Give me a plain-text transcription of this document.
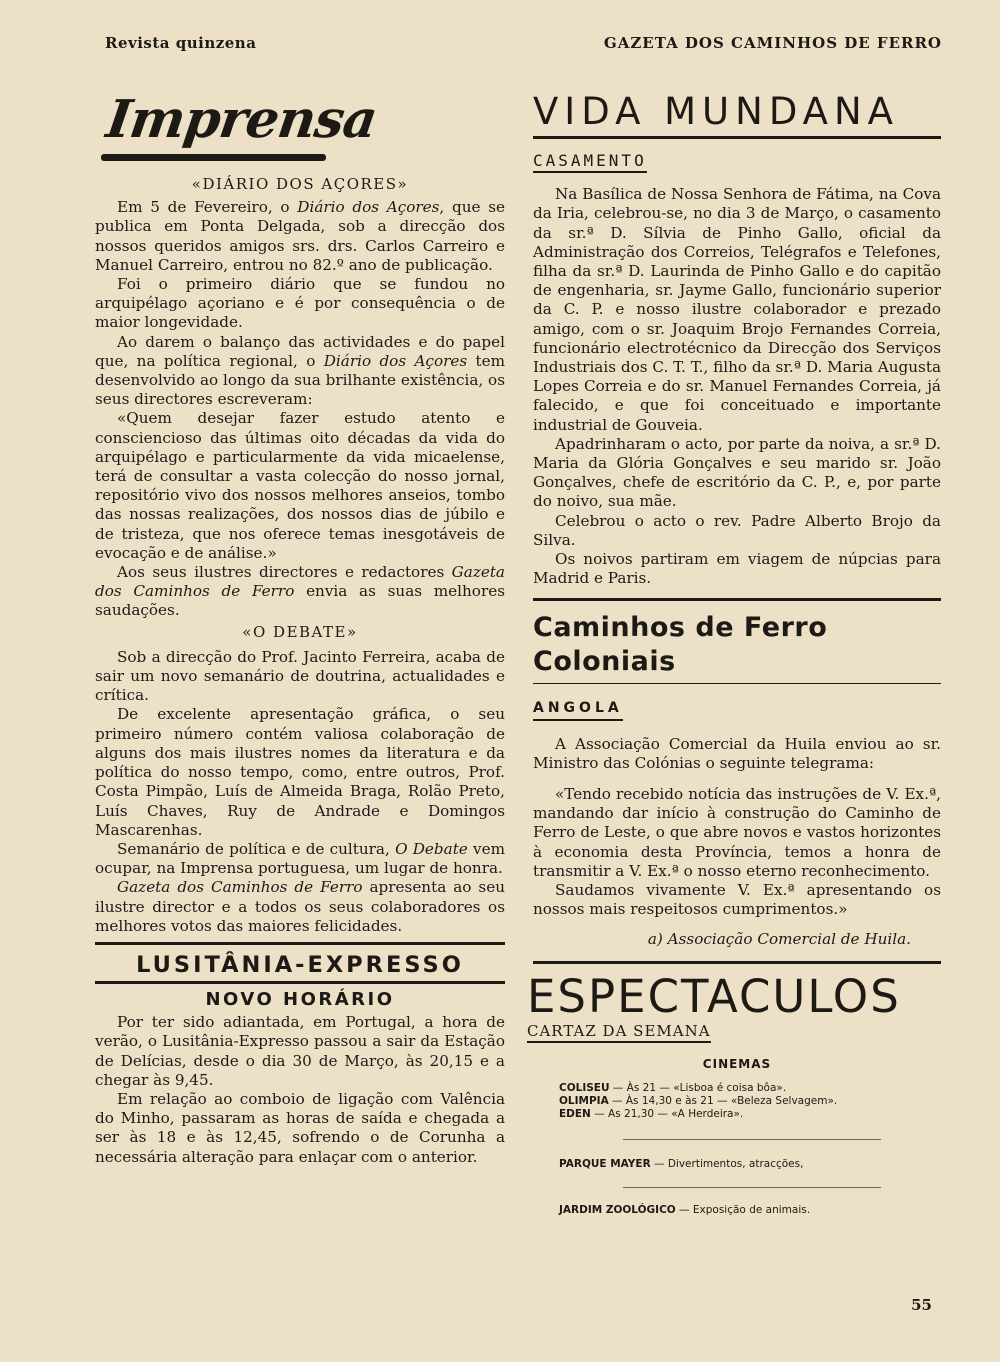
Revista quinzena	GAZETA DOS CAMINHOS DE FERRO
Imprensa
«DIÁRIO DOS AÇORES»

Em 5 de Fevereiro, o Diário dos Açores, que se publica em Ponta Delgada, sob a direcção dos nossos queridos amigos srs. drs. Carlos Carreiro e Manuel Carreiro, entrou no 82.º ano de publicação.

Foi o primeiro diário que se fundou no arquipélago açoriano e é por consequência o de maior longevidade.

Ao darem o balanço das actividades e do papel que, na política regional, o Diário dos Açores tem desenvolvido ao longo da sua brilhante existência, os seus directores escreveram:

«Quem desejar fazer estudo atento e consciencioso das últimas oito décadas da vida do arquipélago e particularmente da vida micaelense, terá de consultar a vasta colecção do nosso jornal, repositório vivo dos nossos melhores anseios, tombo das nossas realizações, dos nossos dias de júbilo e de tristeza, que nos oferece temas inesgotáveis de evocação e de análise.»

Aos seus ilustres directores e redactores Gazeta dos Caminhos de Ferro envia as suas melhores saudações.

«O DEBATE»

Sob a direcção do Prof. Jacinto Ferreira, acaba de sair um novo semanário de doutrina, actualidades e crítica.

De excelente apresentação gráfica, o seu primeiro número contém valiosa colaboração de alguns dos mais ilustres nomes da literatura e da política do nosso tempo, como, entre outros, Prof. Costa Pimpão, Luís de Almeida Braga, Rolão Preto, Luís Chaves, Ruy de Andrade e Domingos Mascarenhas.

Semanário de política e de cultura, O Debate vem ocupar, na Imprensa portuguesa, um lugar de honra.

Gazeta dos Caminhos de Ferro apresenta ao seu ilustre director e a todos os seus colaboradores os melhores votos das maiores felicidades.

LUSITÂNIA-EXPRESSO
NOVO HORÁRIO

Por ter sido adiantada, em Portugal, a hora de verão, o Lusitânia-Expresso passou a sair da Estação de Delícias, desde o dia 30 de Março, às 20,15 e a chegar às 9,45.

Em relação ao comboio de ligação com Valência do Minho, passaram as horas de saída e chegada a ser às 18 e às 12,45, sofrendo o de Corunha a necessária alteração para enlaçar com o anterior.

VIDA MUNDANA
CASAMENTO

Na Basílica de Nossa Senhora de Fátima, na Cova da Iria, celebrou-se, no dia 3 de Março, o casamento da sr.ª D. Sílvia de Pinho Gallo, oficial da Administração dos Correios, Telégrafos e Telefones, filha da sr.ª D. Laurinda de Pinho Gallo e do capitão de engenharia, sr. Jayme Gallo, funcionário superior da C. P. e nosso ilustre colaborador e prezado amigo, com o sr. Joaquim Brojo Fernandes Correia, funcionário electrotécnico da Direcção dos Serviços Industriais dos C. T. T., filho da sr.ª D. Maria Augusta Lopes Correia e do sr. Manuel Fernandes Correia, já falecido, e que foi conceituado e importante industrial de Gouveia.

Apadrinharam o acto, por parte da noiva, a sr.ª D. Maria da Glória Gonçalves e seu marido sr. João Gonçalves, chefe de escritório da C. P., e, por parte do noivo, sua mãe.

Celebrou o acto o rev. Padre Alberto Brojo da Silva.

Os noivos partiram em viagem de núpcias para Madrid e Paris.

Caminhos de Ferro Coloniais
ANGOLA

A Associação Comercial da Huila enviou ao sr. Ministro das Colónias o seguinte telegrama:

«Tendo recebido notícia das instruções de V. Ex.ª, mandando dar início à construção do Caminho de Ferro de Leste, o que abre novos e vastos horizontes à economia desta Província, temos a honra de transmitir a V. Ex.ª o nosso eterno reconhecimento.

Saudamos vivamente V. Ex.ª apresentando os nossos mais respeitosos cumprimentos.»

a) Associação Comercial de Huila.
ESPECTACULOS
CARTAZ DA SEMANA
CINEMAS
COLISEU — Às 21 — «Lisboa é coisa bôa».
OLIMPIA — Às 14,30 e às 21 — «Beleza Selvagem».
EDEN — As 21,30 — «A Herdeira».
PARQUE MAYER — Divertimentos, atracções,
JARDIM ZOOLÓGICO — Exposição de animais.
55
